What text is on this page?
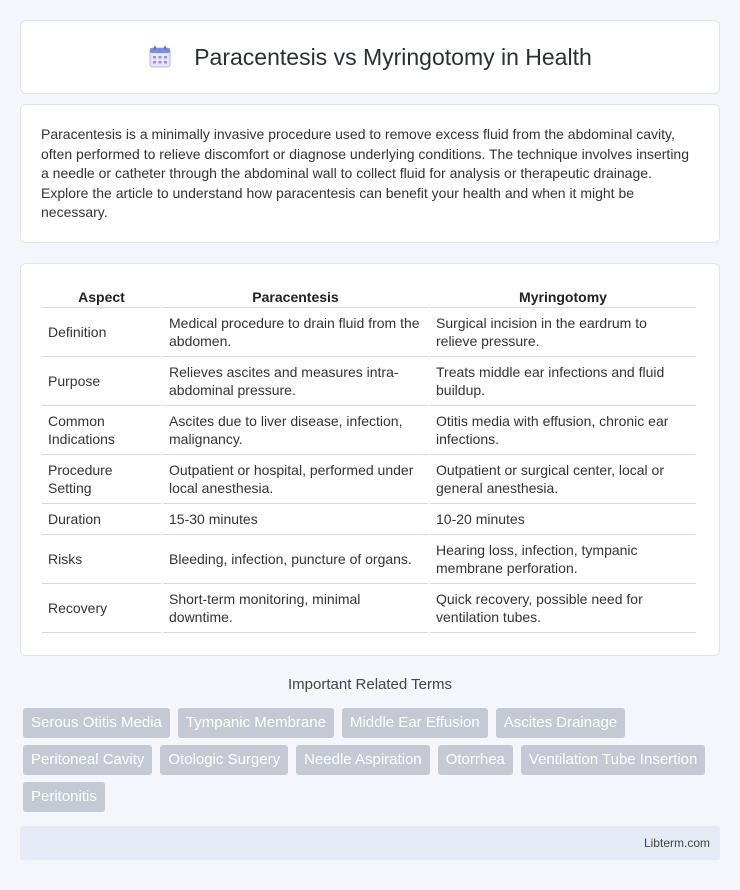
Paracentesis vs Myringotomy in Health

Paracentesis is a minimally invasive procedure used to remove excess fluid from the abdominal cavity, often performed to relieve discomfort or diagnose underlying conditions. The technique involves inserting a needle or catheter through the abdominal wall to collect fluid for analysis or therapeutic drainage. Explore the article to understand how paracentesis can benefit your health and when it might be necessary.

Aspect	Paracentesis	Myringotomy
Definition	Medical procedure to drain fluid from the abdomen.	Surgical incision in the eardrum to relieve pressure.
Purpose	Relieves ascites and measures intra-abdominal pressure.	Treats middle ear infections and fluid buildup.
Common Indications	Ascites due to liver disease, infection, malignancy.	Otitis media with effusion, chronic ear infections.
Procedure Setting	Outpatient or hospital, performed under local anesthesia.	Outpatient or surgical center, local or general anesthesia.
Duration	15-30 minutes	10-20 minutes
Risks	Bleeding, infection, puncture of organs.	Hearing loss, infection, tympanic membrane perforation.
Recovery	Short-term monitoring, minimal downtime.	Quick recovery, possible need for ventilation tubes.
Important Related Terms
Serous Otitis Media	Tympanic Membrane	Middle Ear Effusion	Ascites Drainage
Peritoneal Cavity	Otologic Surgery	Needle Aspiration	Otorrhea	Ventilation Tube Insertion
Peritonitis
Libterm.com
